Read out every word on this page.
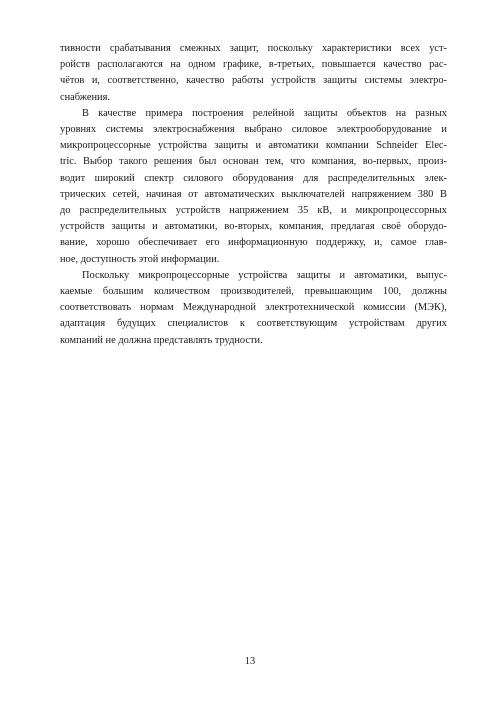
тивности срабатывания смежных защит, поскольку характеристики всех уст-
ройств располагаются на одном графике, в-третьих, повышается качество рас-
чётов и, соответственно, качество работы устройств защиты системы электро-
снабжения.
В качестве примера построения релейной защиты объектов на разных
уровнях системы электроснабжения выбрано силовое электрооборудование и
микропроцессорные устройства защиты и автоматики компании Schneider Elec-
tric. Выбор такого решения был основан тем, что компания, во-первых, произ-
водит широкий спектр силового оборудования для распределительных элек-
трических сетей, начиная от автоматических выключателей напряжением 380 В
до распределительных устройств напряжением 35 кВ, и микропроцессорных
устройств защиты и автоматики, во-вторых, компания, предлагая своё оборудо-
вание, хорошо обеспечивает его информационную поддержку, и, самое глав-
ное, доступность этой информации.
Поскольку микропроцессорные устройства защиты и автоматики, выпус-
каемые большим количеством производителей, превышающим 100, должны
соответствовать нормам Международной электротехнической комиссии (МЭК),
адаптация будущих специалистов к соответствующим устройствам других
компаний не должна представлять трудности.
13
